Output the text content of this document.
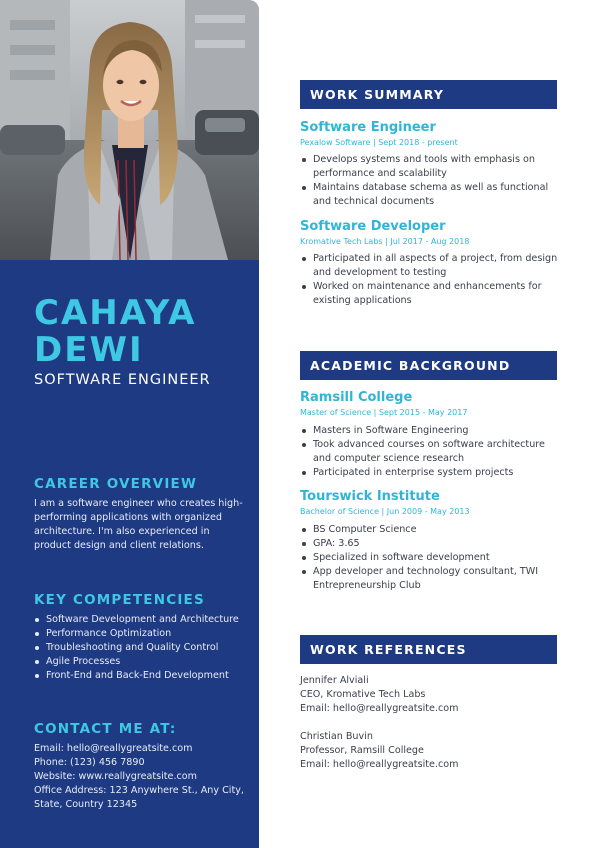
CAHAYA
DEWI
SOFTWARE ENGINEER
CAREER OVERVIEW
I am a software engineer who creates high-performing applications with organized architecture. I'm also experienced in product design and client relations.
KEY COMPETENCIES
Software Development and Architecture
Performance Optimization
Troubleshooting and Quality Control
Agile Processes
Front-End and Back-End Development
CONTACT ME AT:
Email: hello@reallygreatsite.com
Phone: (123) 456 7890
Website: www.reallygreatsite.com
Office Address: 123 Anywhere St., Any City, State, Country 12345
WORK SUMMARY
Software Engineer
Pexalow Software | Sept 2018 - present
Develops systems and tools with emphasis on performance and scalability
Maintains database schema as well as functional and technical documents
Software Developer
Kromative Tech Labs | Jul 2017 - Aug 2018
Participated in all aspects of a project, from design and development to testing
Worked on maintenance and enhancements for existing applications
ACADEMIC BACKGROUND
Ramsill College
Master of Science | Sept 2015 - May 2017
Masters in Software Engineering
Took advanced courses on software architecture and computer science research
Participated in enterprise system projects
Tourswick Institute
Bachelor of Science | Jun 2009 - May 2013
BS Computer Science
GPA: 3.65
Specialized in software development
App developer and technology consultant, TWI Entrepreneurship Club
WORK REFERENCES
Jennifer Alviali
CEO, Kromative Tech Labs
Email: hello@reallygreatsite.com
Christian Buvin
Professor, Ramsill College
Email: hello@reallygreatsite.com
